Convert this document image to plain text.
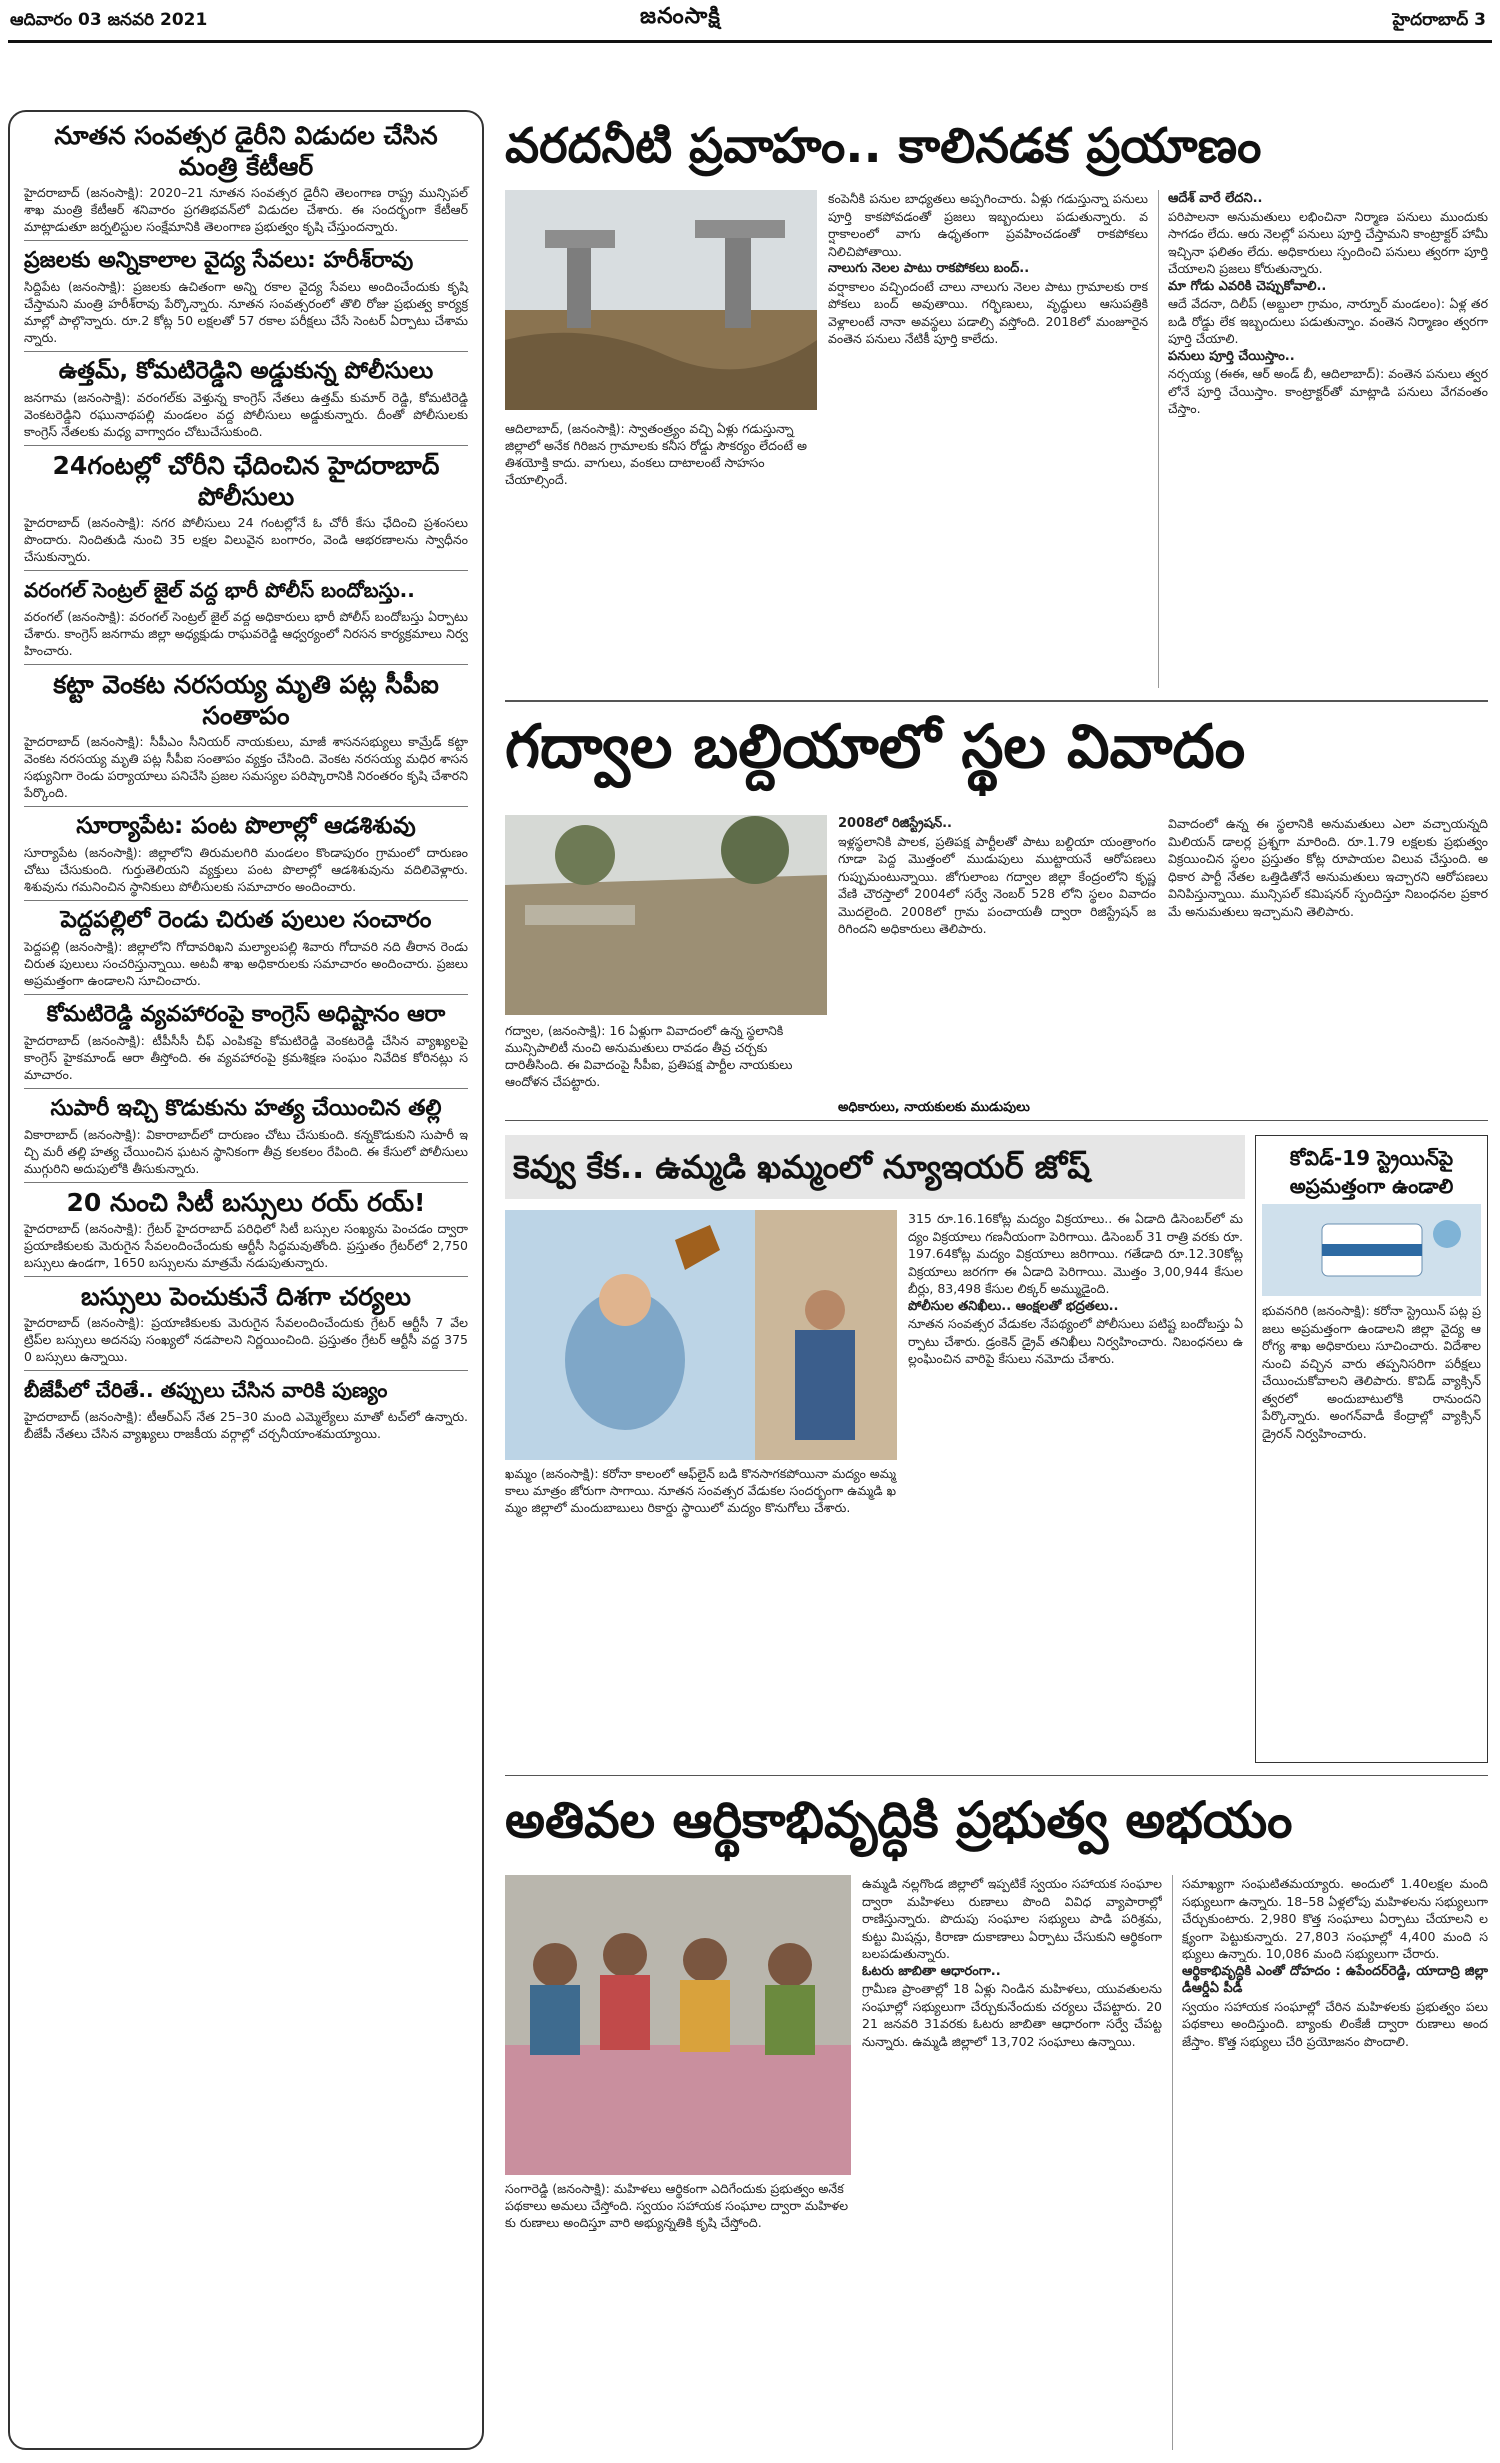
ఆదివారం 03 జనవరి 2021	జనంసాక్షి	హైదరాబాద్ 3
నూతన సంవత్సర డైరీని విడుదల చేసిన మంత్రి కేటీఆర్
హైదరాబాద్ (జనంసాక్షి): 2020–21 నూతన సంవత్సర డైరీని తెలంగాణ రాష్ట్ర మున్సిపల్ శాఖ మంత్రి కేటీఆర్ శనివారం ప్రగతిభవన్‌లో విడుదల చేశారు. ఈ సందర్భంగా కేటీఆర్ మాట్లాడుతూ జర్నలిస్టుల సంక్షేమానికి తెలంగాణ ప్రభుత్వం కృషి చేస్తుందన్నారు.
ప్రజలకు అన్నికాలాల వైద్య సేవలు: హరీశ్‌రావు
సిద్దిపేట (జనంసాక్షి): ప్రజలకు ఉచితంగా అన్ని రకాల వైద్య సేవలు అందించేందుకు కృషి చేస్తామని మంత్రి హరీశ్‌రావు పేర్కొన్నారు. నూతన సంవత్సరంలో తొలి రోజు ప్రభుత్వ కార్యక్రమాల్లో పాల్గొన్నారు. రూ.2 కోట్ల 50 లక్షలతో 57 రకాల పరీక్షలు చేసే సెంటర్ ఏర్పాటు చేశామన్నారు.
ఉత్తమ్, కోమటిరెడ్డిని అడ్డుకున్న పోలీసులు
జనగామ (జనంసాక్షి): వరంగల్‌కు వెళ్తున్న కాంగ్రెస్ నేతలు ఉత్తమ్ కుమార్ రెడ్డి, కోమటిరెడ్డి వెంకటరెడ్డిని రఘునాథపల్లి మండలం వద్ద పోలీసులు అడ్డుకున్నారు. దీంతో పోలీసులకు కాంగ్రెస్ నేతలకు మధ్య వాగ్వాదం చోటుచేసుకుంది.
24గంటల్లో చోరీని ఛేదించిన హైదరాబాద్ పోలీసులు
హైదరాబాద్ (జనంసాక్షి): నగర పోలీసులు 24 గంటల్లోనే ఓ చోరీ కేసు ఛేదించి ప్రశంసలు పొందారు. నిందితుడి నుంచి 35 లక్షల విలువైన బంగారం, వెండి ఆభరణాలను స్వాధీనం చేసుకున్నారు.
వరంగల్ సెంట్రల్ జైల్ వద్ద భారీ పోలీస్ బందోబస్తు..
వరంగల్ (జనంసాక్షి): వరంగల్ సెంట్రల్ జైల్ వద్ద అధికారులు భారీ పోలీస్ బందోబస్తు ఏర్పాటు చేశారు. కాంగ్రెస్ జనగామ జిల్లా అధ్యక్షుడు రాఘవరెడ్డి ఆధ్వర్యంలో నిరసన కార్యక్రమాలు నిర్వహించారు.
కట్టా వెంకట నరసయ్య మృతి పట్ల సీపీఐ సంతాపం
హైదరాబాద్ (జనంసాక్షి): సీపీఎం సీనియర్ నాయకులు, మాజీ శాసనసభ్యులు కామ్రేడ్ కట్టా వెంకట నరసయ్య మృతి పట్ల సీపీఐ సంతాపం వ్యక్తం చేసింది. వెంకట నరసయ్య మధిర శాసనసభ్యునిగా రెండు పర్యాయాలు పనిచేసి ప్రజల సమస్యల పరిష్కారానికి నిరంతరం కృషి చేశారని పేర్కొంది.
సూర్యాపేట: పంట పొలాల్లో ఆడశిశువు
సూర్యాపేట (జనంసాక్షి): జిల్లాలోని తిరుమలగిరి మండలం కొండాపురం గ్రామంలో దారుణం చోటు చేసుకుంది. గుర్తుతెలియని వ్యక్తులు పంట పొలాల్లో ఆడశిశువును వదిలివెళ్లారు. శిశువును గమనించిన స్థానికులు పోలీసులకు సమాచారం అందించారు.
పెద్దపల్లిలో రెండు చిరుత పులుల సంచారం
పెద్దపల్లి (జనంసాక్షి): జిల్లాలోని గోదావరిఖని మల్యాలపల్లి శివారు గోదావరి నది తీరాన రెండు చిరుత పులులు సంచరిస్తున్నాయి. అటవీ శాఖ అధికారులకు సమాచారం అందించారు. ప్రజలు అప్రమత్తంగా ఉండాలని సూచించారు.
కోమటిరెడ్డి వ్యవహారంపై కాంగ్రెస్ అధిష్టానం ఆరా
హైదరాబాద్ (జనంసాక్షి): టీపీసీసీ చీఫ్ ఎంపికపై కోమటిరెడ్డి వెంకటరెడ్డి చేసిన వ్యాఖ్యలపై కాంగ్రెస్ హైకమాండ్ ఆరా తీస్తోంది. ఈ వ్యవహారంపై క్రమశిక్షణ సంఘం నివేదిక కోరినట్లు సమాచారం.
సుపారీ ఇచ్చి కొడుకును హత్య చేయించిన తల్లి
వికారాబాద్ (జనంసాక్షి): వికారాబాద్‌లో దారుణం చోటు చేసుకుంది. కన్నకొడుకుని సుపారీ ఇచ్చి మరీ తల్లి హత్య చేయించిన ఘటన స్థానికంగా తీవ్ర కలకలం రేపింది. ఈ కేసులో పోలీసులు ముగ్గురిని అదుపులోకి తీసుకున్నారు.
20 నుంచి సిటీ బస్సులు రయ్ రయ్!
హైదరాబాద్ (జనంసాక్షి): గ్రేటర్ హైదరాబాద్ పరిధిలో సిటీ బస్సుల సంఖ్యను పెంచడం ద్వారా ప్రయాణికులకు మెరుగైన సేవలందించేందుకు ఆర్టీసీ సిద్ధమవుతోంది. ప్రస్తుతం గ్రేటర్‌లో 2,750 బస్సులు ఉండగా, 1650 బస్సులను మాత్రమే నడుపుతున్నారు.
బస్సులు పెంచుకునే దిశగా చర్యలు
హైదరాబాద్ (జనంసాక్షి): ప్రయాణికులకు మెరుగైన సేవలందించేందుకు గ్రేటర్ ఆర్టీసీ 7 వేల ట్రిప్‌ల బస్సులు అదనపు సంఖ్యలో నడపాలని నిర్ణయించింది. ప్రస్తుతం గ్రేటర్ ఆర్టీసీ వద్ద 3750 బస్సులు ఉన్నాయి.
బీజేపీలో చేరితే.. తప్పులు చేసిన వారికి పుణ్యం
హైదరాబాద్ (జనంసాక్షి): టీఆర్ఎస్ నేత 25–30 మంది ఎమ్మెల్యేలు మాతో టచ్‌లో ఉన్నారు. బీజేపీ నేతలు చేసిన వ్యాఖ్యలు రాజకీయ వర్గాల్లో చర్చనీయాంశమయ్యాయి.
వరదనీటి ప్రవాహం.. కాలినడక ప్రయాణం
ఆదిలాబాద్, (జనంసాక్షి): స్వాతంత్ర్యం వచ్చి ఏళ్లు గడుస్తున్నా జిల్లాలో అనేక గిరిజన గ్రామాలకు కనీస రోడ్డు సౌకర్యం లేదంటే అతిశయోక్తి కాదు. వాగులు, వంకలు దాటాలంటే సాహసం చేయాల్సిందే.
కంపెనీకి పనుల బాధ్యతలు అప్పగించారు. ఏళ్లు గడుస్తున్నా పనులు పూర్తి కాకపోవడంతో ప్రజలు ఇబ్బందులు పడుతున్నారు. వర్షాకాలంలో వాగు ఉధృతంగా ప్రవహించడంతో రాకపోకలు నిలిచిపోతాయి.
నాలుగు నెలల పాటు రాకపోకలు బంద్..
వర్షాకాలం వచ్చిందంటే చాలు నాలుగు నెలల పాటు గ్రామాలకు రాకపోకలు బంద్ అవుతాయి. గర్భిణులు, వృద్ధులు ఆసుపత్రికి వెళ్లాలంటే నానా అవస్థలు పడాల్సి వస్తోంది. 2018లో మంజూరైన వంతెన పనులు నేటికీ పూర్తి కాలేదు.
ఆదేశ్ వారే లేదని..
పరిపాలనా అనుమతులు లభించినా నిర్మాణ పనులు ముందుకు సాగడం లేదు. ఆరు నెలల్లో పనులు పూర్తి చేస్తామని కాంట్రాక్టర్ హామీ ఇచ్చినా ఫలితం లేదు. అధికారులు స్పందించి పనులు త్వరగా పూర్తి చేయాలని ప్రజలు కోరుతున్నారు.
మా గోడు ఎవరికి చెప్పుకోవాలి..
ఆదే వేదనా, దిలీప్ (అబ్దులా గ్రామం, నార్నూర్ మండలం): ఏళ్ల తరబడి రోడ్డు లేక ఇబ్బందులు పడుతున్నాం. వంతెన నిర్మాణం త్వరగా పూర్తి చేయాలి.
పనులు పూర్తి చేయిస్తాం..
నర్సయ్య (ఈఈ, ఆర్ అండ్ బీ, ఆదిలాబాద్): వంతెన పనులు త్వరలోనే పూర్తి చేయిస్తాం. కాంట్రాక్టర్‌తో మాట్లాడి పనులు వేగవంతం చేస్తాం.
గద్వాల బల్దియాలో స్థల వివాదం
గద్వాల, (జనంసాక్షి): 16 ఏళ్లుగా వివాదంలో ఉన్న స్థలానికి మున్సిపాలిటీ నుంచి అనుమతులు రావడం తీవ్ర చర్చకు దారితీసింది. ఈ వివాదంపై సీపీఐ, ప్రతిపక్ష పార్టీల నాయకులు ఆందోళన చేపట్టారు.
2008లో రిజిస్ట్రేషన్..
ఇళ్లస్థలానికి పాలక, ప్రతిపక్ష పార్టీలతో పాటు బల్దియా యంత్రాంగం గూడా పెద్ద మొత్తంలో ముడుపులు ముట్టాయనే ఆరోపణలు గుప్పుమంటున్నాయి. జోగులాంబ గద్వాల జిల్లా కేంద్రంలోని కృష్ణవేణి చౌరస్తాలో 2004లో సర్వే నెంబర్ 528 లోని స్థలం వివాదం మొదలైంది. 2008లో గ్రామ పంచాయతీ ద్వారా రిజిస్ట్రేషన్ జరిగిందని అధికారులు తెలిపారు.
వివాదంలో ఉన్న ఈ స్థలానికి అనుమతులు ఎలా వచ్చాయన్నది మిలియన్ డాలర్ల ప్రశ్నగా మారింది. రూ.1.79 లక్షలకు ప్రభుత్వం విక్రయించిన స్థలం ప్రస్తుతం కోట్ల రూపాయల విలువ చేస్తుంది. అధికార పార్టీ నేతల ఒత్తిడితోనే అనుమతులు ఇచ్చారని ఆరోపణలు వినిపిస్తున్నాయి. మున్సిపల్ కమిషనర్ స్పందిస్తూ నిబంధనల ప్రకారమే అనుమతులు ఇచ్చామని తెలిపారు.
అధికారులు, నాయకులకు ముడుపులు
కెవ్వు కేక.. ఉమ్మడి ఖమ్మంలో న్యూఇయర్ జోష్
ఖమ్మం (జనంసాక్షి): కరోనా కాలంలో ఆఫ్‌లైన్ బడి కొనసాగకపోయినా మద్యం అమ్మకాలు మాత్రం జోరుగా సాగాయి. నూతన సంవత్సర వేడుకల సందర్భంగా ఉమ్మడి ఖమ్మం జిల్లాలో మందుబాబులు రికార్డు స్థాయిలో మద్యం కొనుగోలు చేశారు.
315 రూ.16.16కోట్ల మద్యం విక్రయాలు.. ఈ ఏడాది డిసెంబర్‌లో మద్యం విక్రయాలు గణనీయంగా పెరిగాయి. డిసెంబర్ 31 రాత్రి వరకు రూ.197.64కోట్ల మద్యం విక్రయాలు జరిగాయి. గతేడాది రూ.12.30కోట్ల విక్రయాలు జరగగా ఈ ఏడాది పెరిగాయి. మొత్తం 3,00,944 కేసుల బీర్లు, 83,498 కేసుల లిక్కర్ అమ్ముడైంది.
పోలీసుల తనిఖీలు.. ఆంక్షలతో భద్రతలు..
నూతన సంవత్సర వేడుకల నేపథ్యంలో పోలీసులు పటిష్ట బందోబస్తు ఏర్పాటు చేశారు. డ్రంకెన్ డ్రైవ్ తనిఖీలు నిర్వహించారు. నిబంధనలు ఉల్లంఘించిన వారిపై కేసులు నమోదు చేశారు.
కోవిడ్-19 స్ట్రెయిన్‌పై అప్రమత్తంగా ఉండాలి
భువనగిరి (జనంసాక్షి): కరోనా స్ట్రెయిన్ పట్ల ప్రజలు అప్రమత్తంగా ఉండాలని జిల్లా వైద్య ఆరోగ్య శాఖ అధికారులు సూచించారు. విదేశాల నుంచి వచ్చిన వారు తప్పనిసరిగా పరీక్షలు చేయించుకోవాలని తెలిపారు. కొవిడ్ వ్యాక్సిన్ త్వరలో అందుబాటులోకి రానుందని పేర్కొన్నారు. అంగన్‌వాడీ కేంద్రాల్లో వ్యాక్సిన్ డ్రైరన్ నిర్వహించారు.
అతివల ఆర్థికాభివృద్ధికి ప్రభుత్వ అభయం
సంగారెడ్డి (జనంసాక్షి): మహిళలు ఆర్థికంగా ఎదిగేందుకు ప్రభుత్వం అనేక పథకాలు అమలు చేస్తోంది. స్వయం సహాయక సంఘాల ద్వారా మహిళలకు రుణాలు అందిస్తూ వారి అభ్యున్నతికి కృషి చేస్తోంది.
ఉమ్మడి నల్లగొండ జిల్లాలో ఇప్పటికే స్వయం సహాయక సంఘాల ద్వారా మహిళలు రుణాలు పొంది వివిధ వ్యాపారాల్లో రాణిస్తున్నారు. పొదుపు సంఘాల సభ్యులు పాడి పరిశ్రమ, కుట్టు మిషన్లు, కిరాణా దుకాణాలు ఏర్పాటు చేసుకుని ఆర్థికంగా బలపడుతున్నారు.
ఓటరు జాబితా ఆధారంగా..
గ్రామీణ ప్రాంతాల్లో 18 ఏళ్లు నిండిన మహిళలు, యువతులను సంఘాల్లో సభ్యులుగా చేర్చుకునేందుకు చర్యలు చేపట్టారు. 2021 జనవరి 31వరకు ఓటరు జాబితా ఆధారంగా సర్వే చేపట్టనున్నారు. ఉమ్మడి జిల్లాలో 13,702 సంఘాలు ఉన్నాయి.
సమాఖ్యగా సంఘటితమయ్యారు. అందులో 1.40లక్షల మంది సభ్యులుగా ఉన్నారు. 18–58 ఏళ్లలోపు మహిళలను సభ్యులుగా చేర్చుకుంటారు. 2,980 కొత్త సంఘాలు ఏర్పాటు చేయాలని లక్ష్యంగా పెట్టుకున్నారు. 27,803 సంఘాల్లో 4,400 మంది సభ్యులు ఉన్నారు. 10,086 మంది సభ్యులుగా చేరారు.
ఆర్థికాభివృద్ధికి ఎంతో దోహదం : ఉపేందర్‌రెడ్డి, యాదాద్రి జిల్లా డీఆర్డీఏ పీడీ
స్వయం సహాయక సంఘాల్లో చేరిన మహిళలకు ప్రభుత్వం పలు పథకాలు అందిస్తుంది. బ్యాంకు లింకేజీ ద్వారా రుణాలు అందజేస్తాం. కొత్త సభ్యులు చేరి ప్రయోజనం పొందాలి.
